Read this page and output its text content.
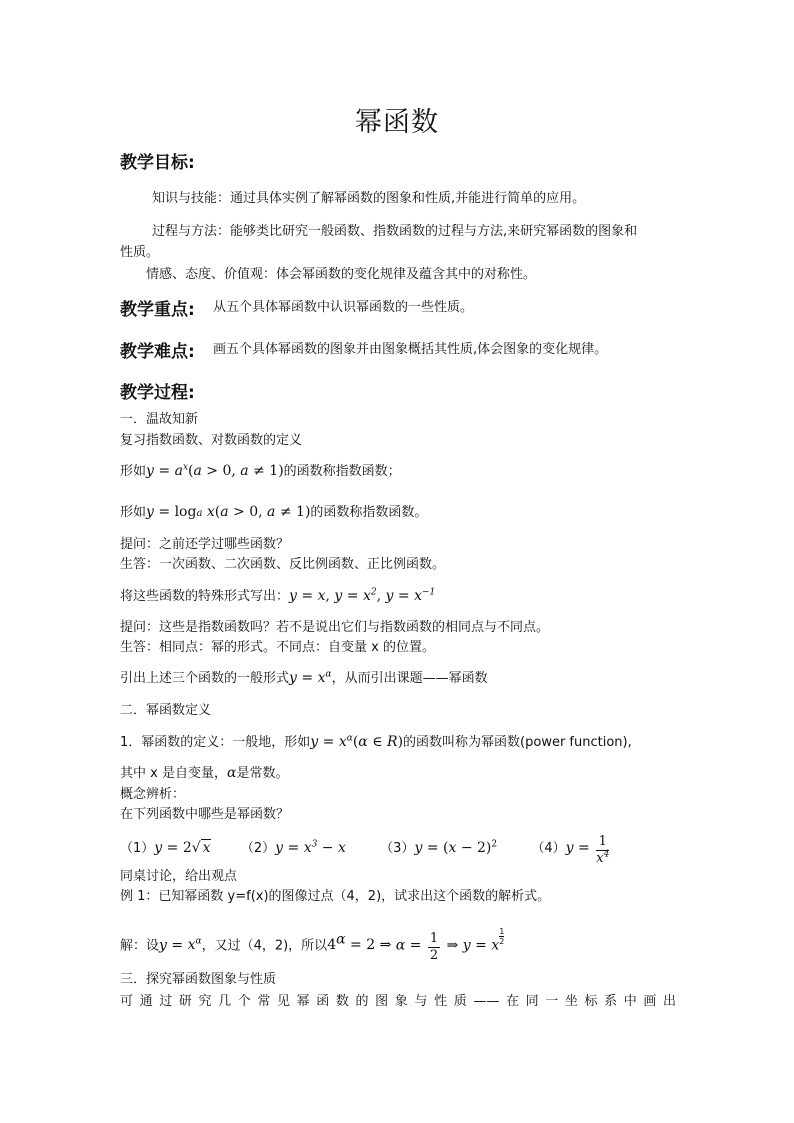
幂函数
教学目标:
知识与技能：通过具体实例了解幂函数的图象和性质,并能进行简单的应用。
过程与方法：能够类比研究一般函数、指数函数的过程与方法,来研究幂函数的图象和
性质。
情感、态度、价值观：体会幂函数的变化规律及蕴含其中的对称性。
教学重点: 从五个具体幂函数中认识幂函数的一些性质。
教学难点: 画五个具体幂函数的图象并由图象概括其性质,体会图象的变化规律。
教学过程:
一．温故知新
复习指数函数、对数函数的定义
形如$y = a^x(a > 0$, a ≠ 1)的函数称指数函数；
形如y = loga x(a > 0, a ≠ 1)的函数称指数函数。
提问：之前还学过哪些函数？
生答：一次函数、二次函数、反比例函数、正比例函数。
将这些函数的特殊形式写出：y = x, $y = x^2$, $y = x^{-1}$
提问：这些是指数函数吗？若不是说出它们与指数函数的相同点与不同点。
生答：相同点：幂的形式。不同点：自变量 x 的位置。
引出上述三个函数的一般形式$y = x^\alpha$，从而引出课题——幂函数
二．幂函数定义
1．幂函数的定义：一般地，形如$y = x^\alpha(\alpha$ ∈ R)的函数叫称为幂函数(power function),
其中 x 是自变量，α是常数。
概念辨析：
在下列函数中哪些是幂函数？
（1）y = 2√ x $(2)y = x^3 - x$	$(3)y = (x - 2)^2$	$(4)y = \frac{1}{x^4}$
同桌讨论，给出观点
例 1：已知幂函数 y=f(x)的图像过点（4，2)，试求出这个函数的解析式。
解：设$y = x^\alpha$，又过（4，2)，所以$4^\alpha = 2$ ⇒ $\alpha = \frac{1}{2}$ ⇒ y = x $\frac{1}{2}$
三．探究幂函数图象与性质
可通过研究几个常见幂函数的图象与性质——在同一坐标系中画出
